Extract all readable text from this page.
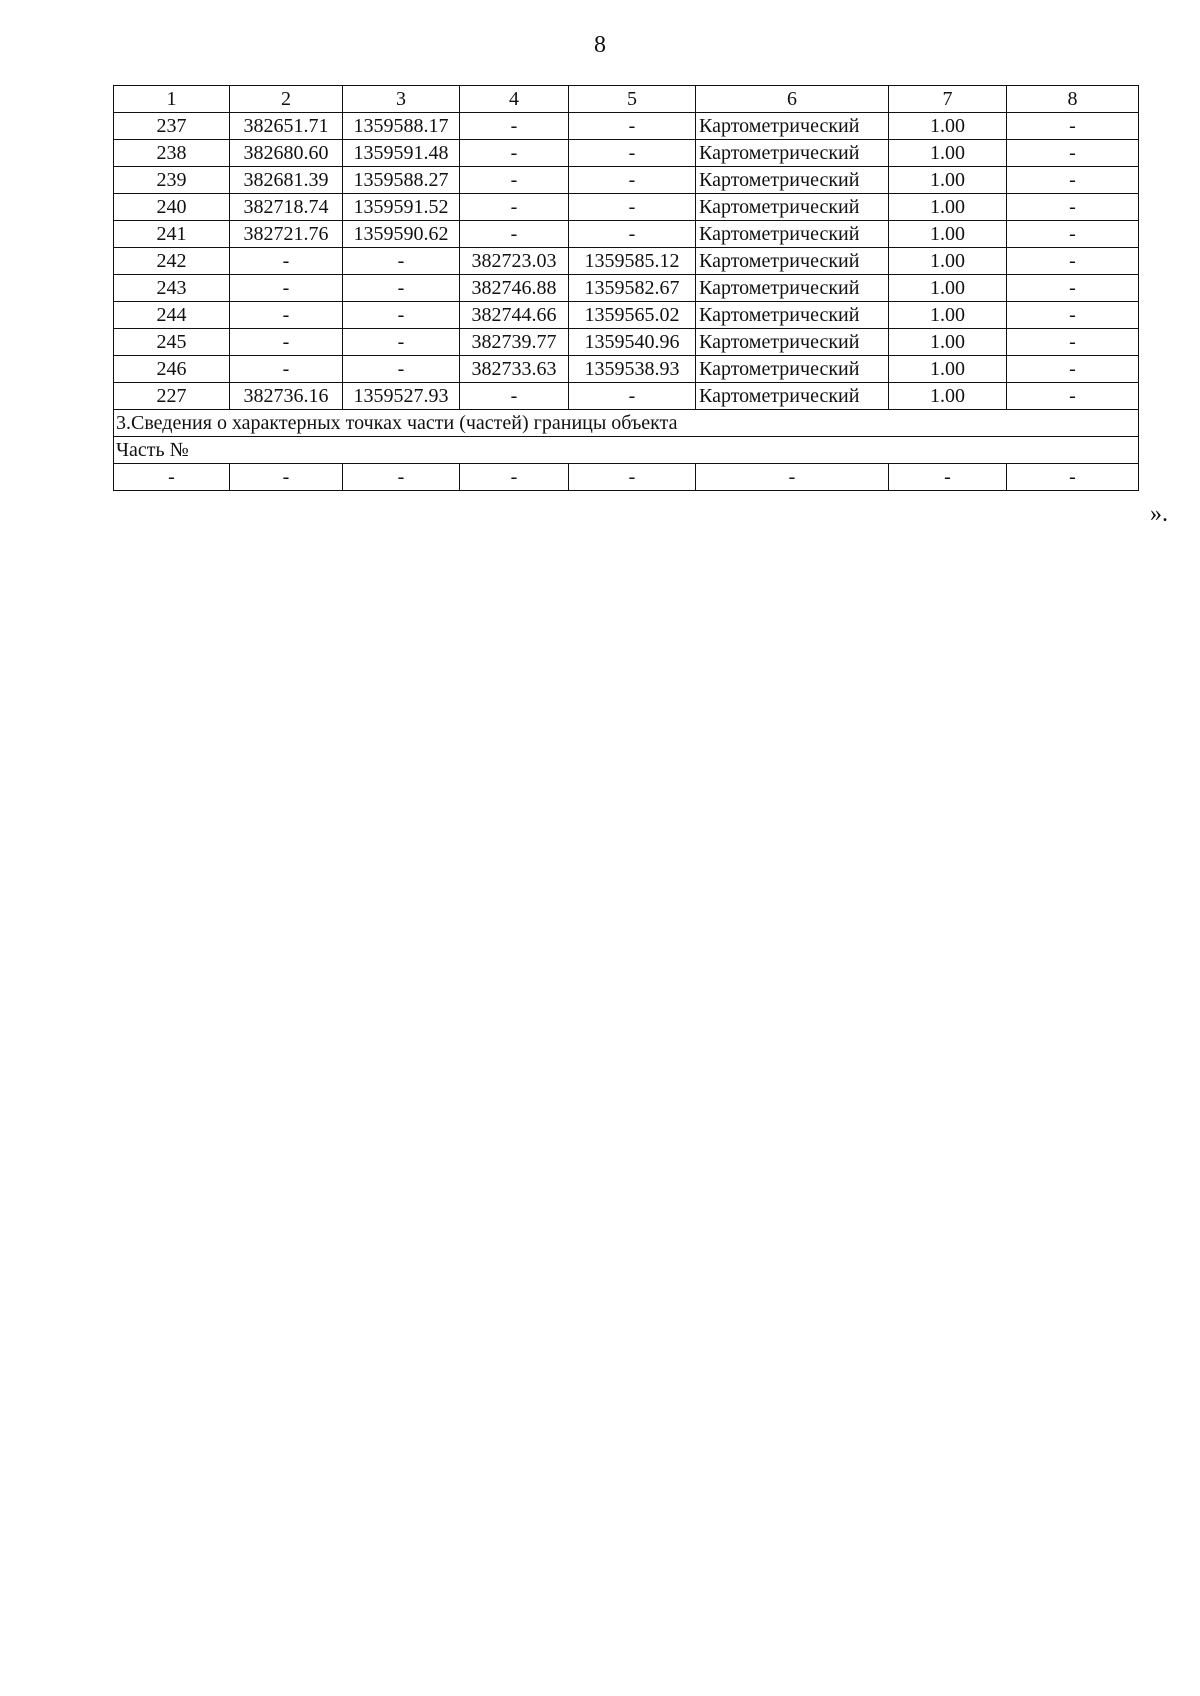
8
1	2	3	4	5	6	7	8
237	382651.71	1359588.17	-	-	Картометрический	1.00	-
238	382680.60	1359591.48	-	-	Картометрический	1.00	-
239	382681.39	1359588.27	-	-	Картометрический	1.00	-
240	382718.74	1359591.52	-	-	Картометрический	1.00	-
241	382721.76	1359590.62	-	-	Картометрический	1.00	-
242	-	-	382723.03	1359585.12	Картометрический	1.00	-
243	-	-	382746.88	1359582.67	Картометрический	1.00	-
244	-	-	382744.66	1359565.02	Картометрический	1.00	-
245	-	-	382739.77	1359540.96	Картометрический	1.00	-
246	-	-	382733.63	1359538.93	Картометрический	1.00	-
227	382736.16	1359527.93	-	-	Картометрический	1.00	-
3.Сведения о характерных точках части (частей) границы объекта							
Часть №							
-	-	-	-	-	-	-	-
».
